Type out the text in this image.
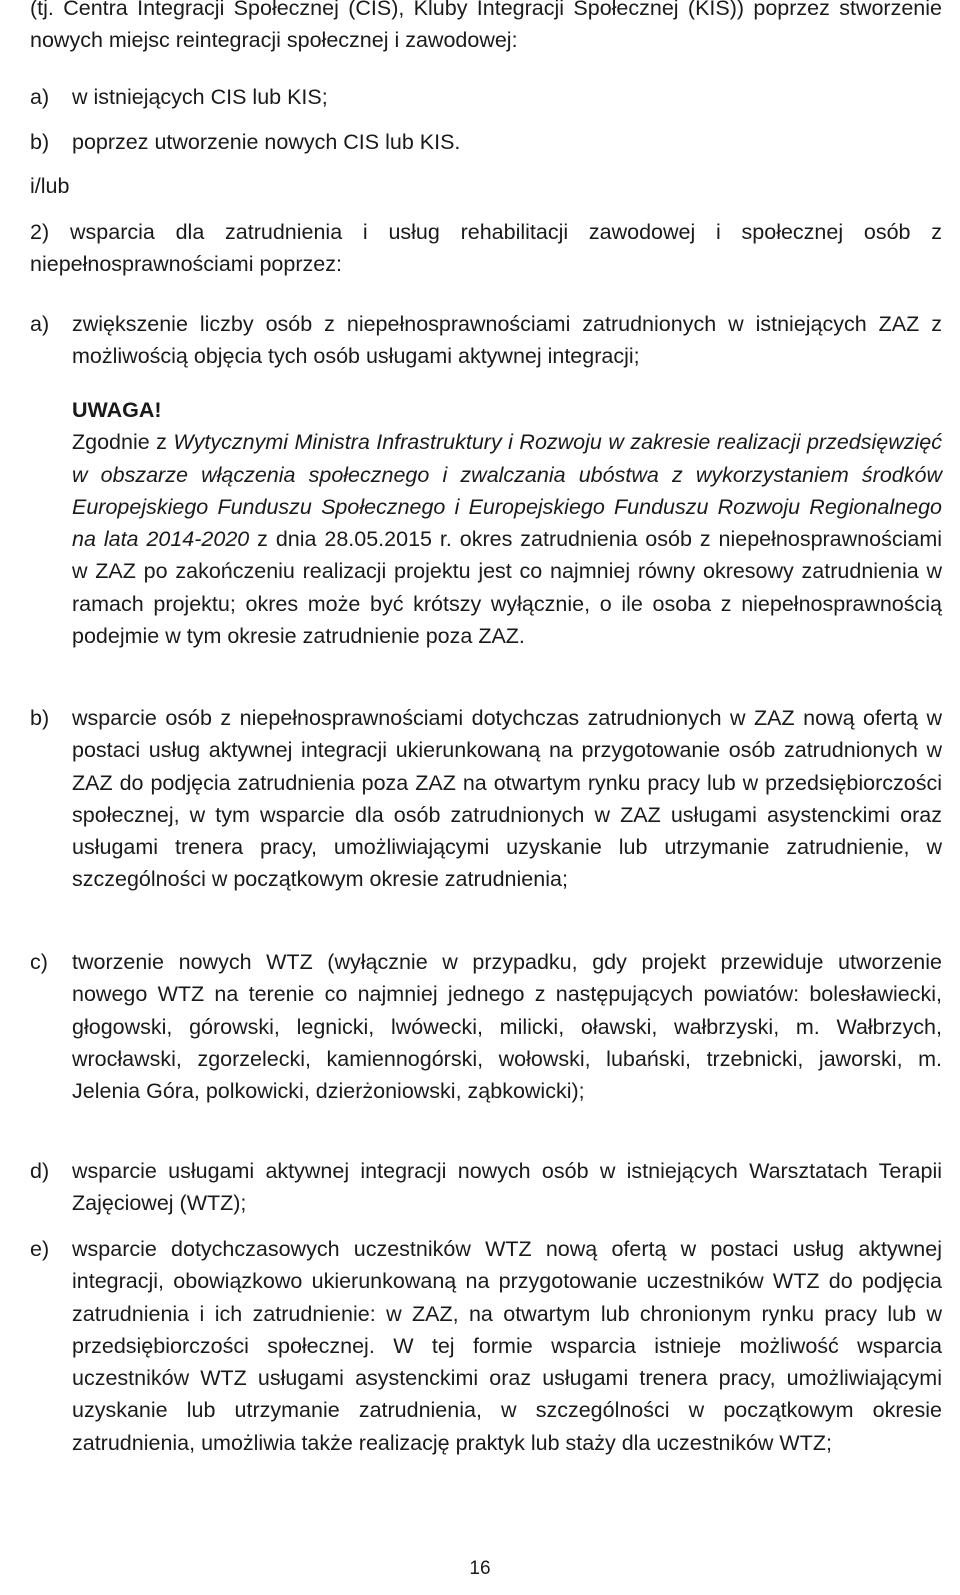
(tj. Centra Integracji Społecznej (CIS), Kluby Integracji Społecznej (KIS)) poprzez stworzenie nowych miejsc reintegracji społecznej i zawodowej:

a) w istniejących CIS lub KIS;
b) poprzez utworzenie nowych CIS lub KIS.

i/lub

2) wsparcia dla zatrudnienia i usług rehabilitacji zawodowej i społecznej osób z niepełnosprawnościami poprzez:
a) zwiększenie liczby osób z niepełnosprawnościami zatrudnionych w istniejących ZAZ z możliwością objęcia tych osób usługami aktywnej integracji;
UWAGA!
Zgodnie z Wytycznymi Ministra Infrastruktury i Rozwoju w zakresie realizacji przedsięwzięć w obszarze włączenia społecznego i zwalczania ubóstwa z wykorzystaniem środków Europejskiego Funduszu Społecznego i Europejskiego Funduszu Rozwoju Regionalnego na lata 2014-2020 z dnia 28.05.2015 r. okres zatrudnienia osób z niepełnosprawnościami w ZAZ po zakończeniu realizacji projektu jest co najmniej równy okresowy zatrudnienia w ramach projektu; okres może być krótszy wyłącznie, o ile osoba z niepełnosprawnością podejmie w tym okresie zatrudnienie poza ZAZ.
b) wsparcie osób z niepełnosprawnościami dotychczas zatrudnionych w ZAZ nową ofertą w postaci usług aktywnej integracji ukierunkowaną na przygotowanie osób zatrudnionych w ZAZ do podjęcia zatrudnienia poza ZAZ na otwartym rynku pracy lub w przedsiębiorczości społecznej, w tym wsparcie dla osób zatrudnionych w ZAZ usługami asystenckimi oraz usługami trenera pracy, umożliwiającymi uzyskanie lub utrzymanie zatrudnienie, w szczególności w początkowym okresie zatrudnienia;
c) tworzenie nowych WTZ (wyłącznie w przypadku, gdy projekt przewiduje utworzenie nowego WTZ na terenie co najmniej jednego z następujących powiatów: bolesławiecki, głogowski, górowski, legnicki, lwówecki, milicki, oławski, wałbrzyski, m. Wałbrzych, wrocławski, zgorzelecki, kamiennogórski, wołowski, lubański, trzebnicki, jaworski, m. Jelenia Góra, polkowicki, dzierżoniowski, ząbkowicki);
d) wsparcie usługami aktywnej integracji nowych osób w istniejących Warsztatach Terapii Zajęciowej (WTZ);
e) wsparcie dotychczasowych uczestników WTZ nową ofertą w postaci usług aktywnej integracji, obowiązkowo ukierunkowaną na przygotowanie uczestników WTZ do podjęcia zatrudnienia i ich zatrudnienie: w ZAZ, na otwartym lub chronionym rynku pracy lub w przedsiębiorczości społecznej. W tej formie wsparcia istnieje możliwość wsparcia uczestników WTZ usługami asystenckimi oraz usługami trenera pracy, umożliwiającymi uzyskanie lub utrzymanie zatrudnienia, w szczególności w początkowym okresie zatrudnienia, umożliwia także realizację praktyk lub staży dla uczestników WTZ;
16
